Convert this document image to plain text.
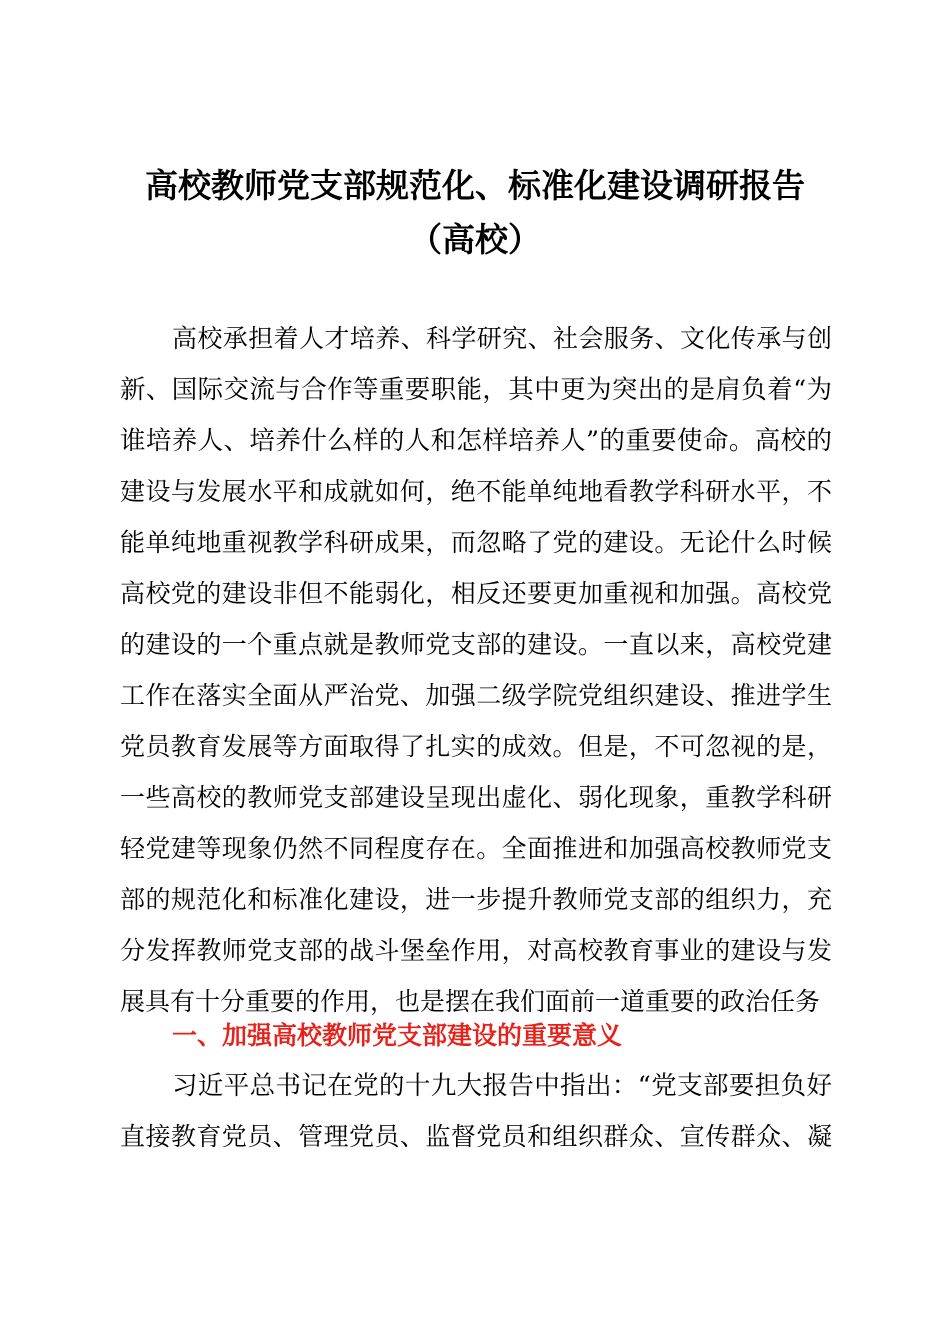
高校教师党支部规范化、标准化建设调研报告
（高校）
高校承担着人才培养、科学研究、社会服务、文化传承与创
新、国际交流与合作等重要职能，其中更为突出的是肩负着“为
谁培养人、培养什么样的人和怎样培养人”的重要使命。高校的
建设与发展水平和成就如何，绝不能单纯地看教学科研水平，不
能单纯地重视教学科研成果，而忽略了党的建设。无论什么时候
高校党的建设非但不能弱化，相反还要更加重视和加强。高校党
的建设的一个重点就是教师党支部的建设。一直以来，高校党建
工作在落实全面从严治党、加强二级学院党组织建设、推进学生
党员教育发展等方面取得了扎实的成效。但是，不可忽视的是，
一些高校的教师党支部建设呈现出虚化、弱化现象，重教学科研
轻党建等现象仍然不同程度存在。全面推进和加强高校教师党支
部的规范化和标准化建设，进一步提升教师党支部的组织力，充
分发挥教师党支部的战斗堡垒作用，对高校教育事业的建设与发
展具有十分重要的作用，也是摆在我们面前一道重要的政治任务
一、加强高校教师党支部建设的重要意义
习近平总书记在党的十九大报告中指出：“党支部要担负好
直接教育党员、管理党员、监督党员和组织群众、宣传群众、凝
